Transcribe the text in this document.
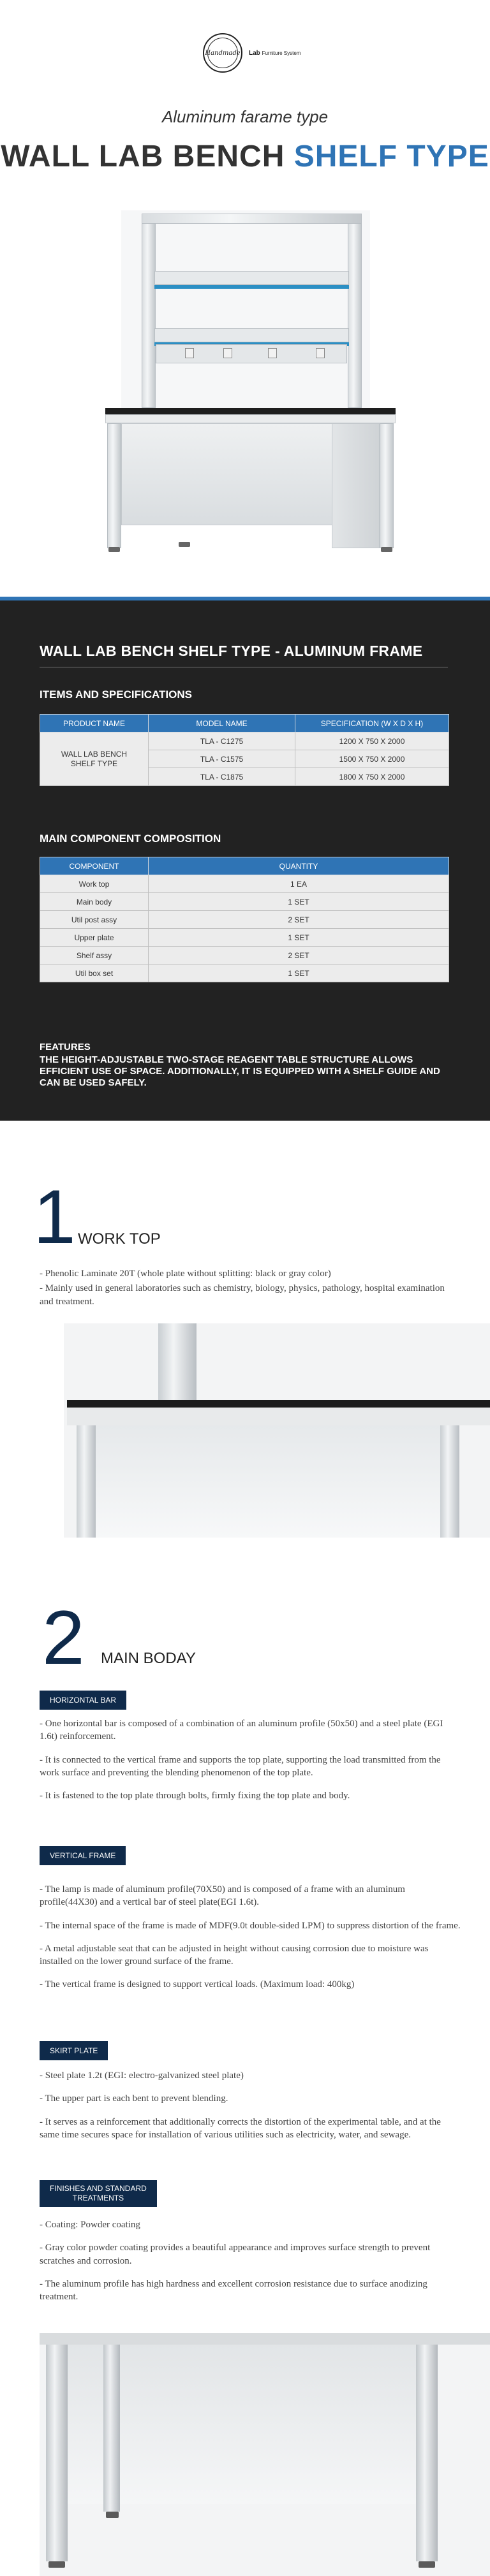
Handmade Lab Furniture System
Aluminum farame type
WALL LAB BENCH SHELF TYPE
WALL LAB BENCH SHELF TYPE - ALUMINUM FRAME
ITEMS AND SPECIFICATIONS
PRODUCT NAME	MODEL NAME	SPECIFICATION (W X D X H)
WALL LAB BENCH SHELF TYPE	TLA - C1275	1200 X 750 X 2000
	TLA - C1575	1500 X 750 X 2000
	TLA - C1875	1800 X 750 X 2000
MAIN COMPONENT COMPOSITION
COMPONENT	QUANTITY
Work top	1 EA
Main body	1 SET
Util post assy	2 SET
Upper plate	1 SET
Shelf assy	2 SET
Util box set	1 SET
FEATURES
THE HEIGHT-ADJUSTABLE TWO-STAGE REAGENT TABLE STRUCTURE ALLOWS EFFICIENT USE OF SPACE. ADDITIONALLY, IT IS EQUIPPED WITH A SHELF GUIDE AND CAN BE USED SAFELY.
1 WORK TOP

- Phenolic Laminate 20T (whole plate without splitting: black or gray color)

- Mainly used in general laboratories such as chemistry, biology, physics, pathology, hospital examination and treatment.

2 MAIN BODAY
HORIZONTAL BAR

- One horizontal bar is composed of a combination of an aluminum profile (50x50) and a steel plate (EGI 1.6t) reinforcement.

- It is connected to the vertical frame and supports the top plate, supporting the load transmitted from the work surface and preventing the blending phenomenon of the top plate.

- It is fastened to the top plate through bolts, firmly fixing the top plate and body.

VERTICAL FRAME

- The lamp is made of aluminum profile(70X50) and is composed of a frame with an aluminum profile(44X30) and a vertical bar of steel plate(EGI 1.6t).

- The internal space of the frame is made of MDF(9.0t double-sided LPM) to suppress distortion of the frame.

- A metal adjustable seat that can be adjusted in height without causing corrosion due to moisture was installed on the lower ground surface of the frame.

- The vertical frame is designed to support vertical loads. (Maximum load: 400kg)

SKIRT PLATE

- Steel plate 1.2t (EGI: electro-galvanized steel plate)

- The upper part is each bent to prevent blending.

- It serves as a reinforcement that additionally corrects the distortion of the experimental table, and at the same time secures space for installation of various utilities such as electricity, water, and sewage.

FINISHES AND STANDARD
TREATMENTS

- Coating: Powder coating

- Gray color powder coating provides a beautiful appearance and improves surface strength to prevent scratches and corrosion.

- The aluminum profile has high hardness and excellent corrosion resistance due to surface anodizing treatment.
